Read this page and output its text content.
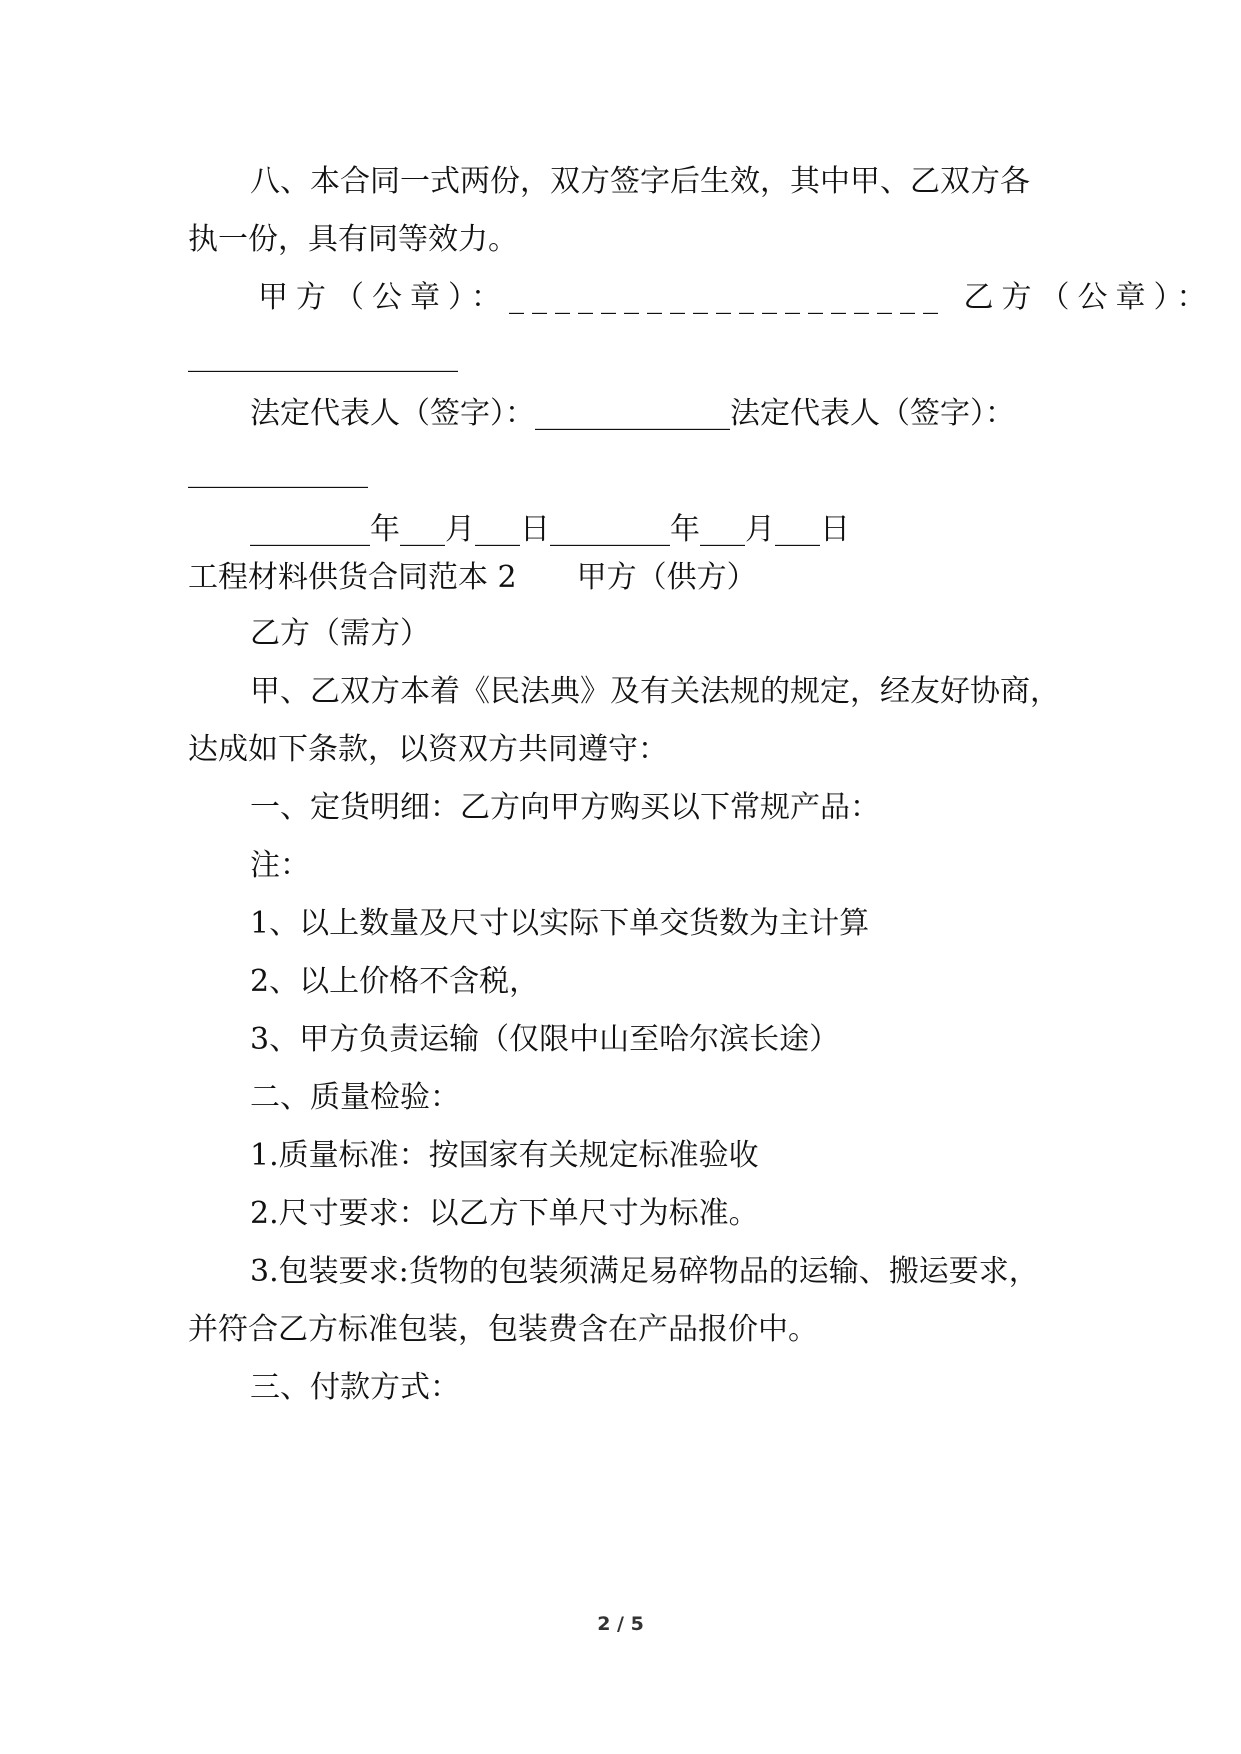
八、本合同一式两份，双方签字后生效，其中甲、乙双方各
执一份，具有同等效力。
甲方（公章）：___________________ 乙方（公章）：
__________________
法定代表人（签字）：_____________法定代表人（签字）：
____________
________年___月___日________年___月___日
工程材料供货合同范本 2　　甲方（供方）
乙方（需方）
甲、乙双方本着《民法典》及有关法规的规定，经友好协商，
达成如下条款，以资双方共同遵守：
一、定货明细：乙方向甲方购买以下常规产品：
注：
1、以上数量及尺寸以实际下单交货数为主计算
2、以上价格不含税，
3、甲方负责运输（仅限中山至哈尔滨长途）
二、质量检验：
1.质量标准：按国家有关规定标准验收
2.尺寸要求：以乙方下单尺寸为标准。
3.包装要求:货物的包装须满足易碎物品的运输、搬运要求，
并符合乙方标准包装，包装费含在产品报价中。
三、付款方式：
2 / 5
